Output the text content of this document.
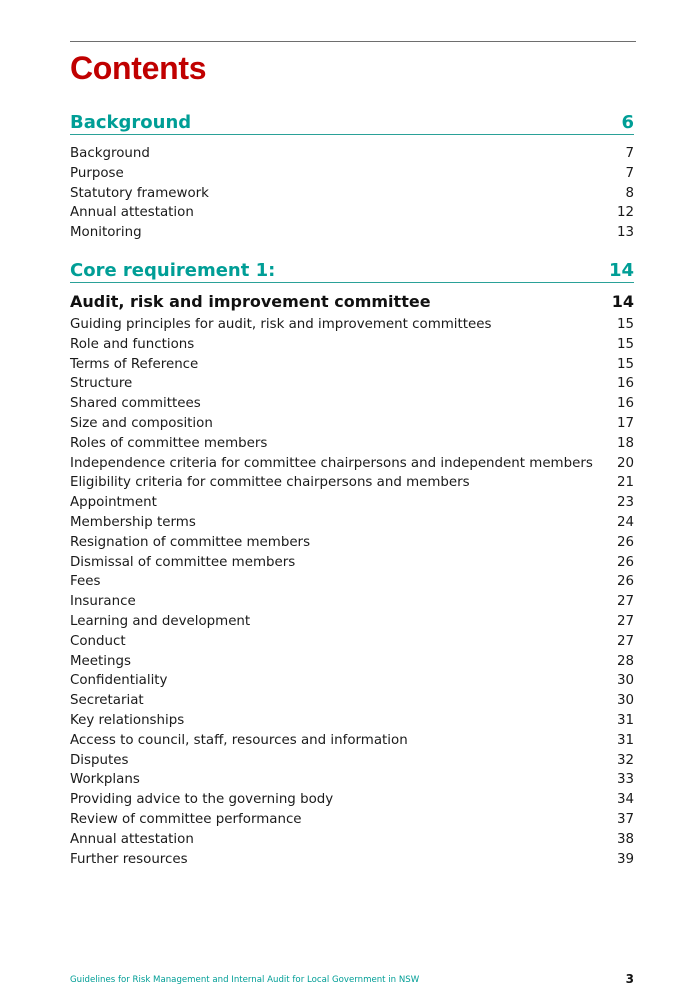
Contents
Background	6
Background	7
Purpose	7
Statutory framework	8
Annual attestation	12
Monitoring	13
Core requirement 1:	14
Audit, risk and improvement committee	14
Guiding principles for audit, risk and improvement committees	15
Role and functions	15
Terms of Reference	15
Structure	16
Shared committees	16
Size and composition	17
Roles of committee members	18
Independence criteria for committee chairpersons and independent members 20
Eligibility criteria for committee chairpersons and members	21
Appointment	23
Membership terms	24
Resignation of committee members	26
Dismissal of committee members	26
Fees	26
Insurance	27
Learning and development	27
Conduct	27
Meetings	28
Confidentiality	30
Secretariat	30
Key relationships	31
Access to council, staff, resources and information	31
Disputes	32
Workplans	33
Providing advice to the governing body	34
Review of committee performance	37
Annual attestation	38
Further resources	39
Guidelines for Risk Management and Internal Audit for Local Government in NSW	3
